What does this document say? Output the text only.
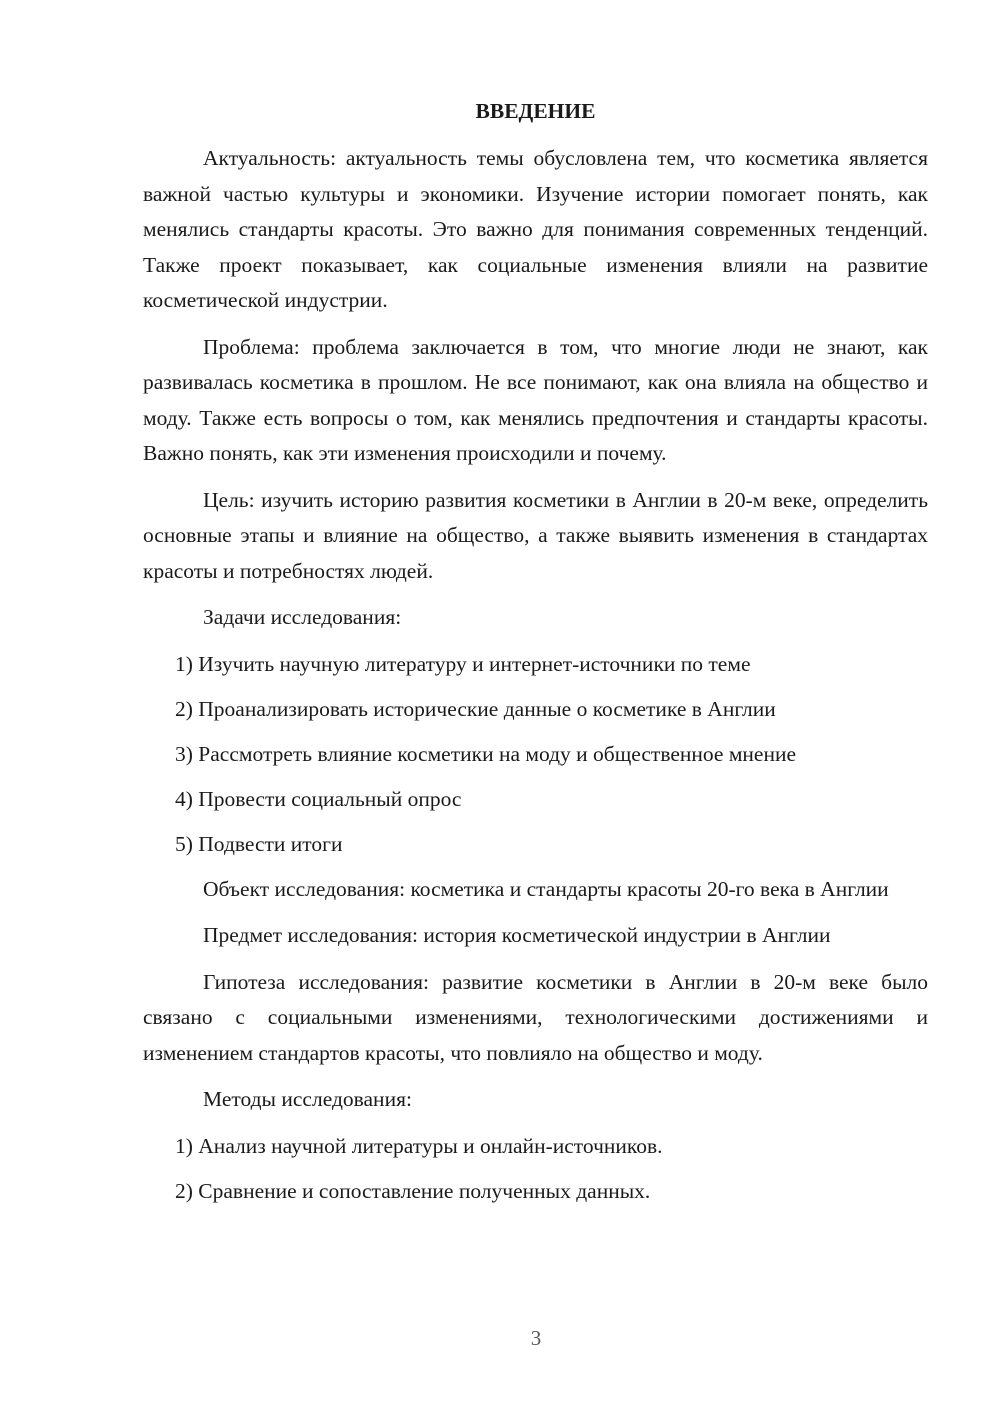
ВВЕДЕНИЕ

Актуальность: актуальность темы обусловлена тем, что косметика является важной частью культуры и экономики. Изучение истории помогает понять, как менялись стандарты красоты. Это важно для понимания современных тенденций. Также проект показывает, как социальные изменения влияли на развитие косметической индустрии.

Проблема: проблема заключается в том, что многие люди не знают, как развивалась косметика в прошлом. Не все понимают, как она влияла на общество и моду. Также есть вопросы о том, как менялись предпочтения и стандарты красоты. Важно понять, как эти изменения происходили и почему.

Цель: изучить историю развития косметики в Англии в 20-м веке, определить основные этапы и влияние на общество, а также выявить изменения в стандартах красоты и потребностях людей.

Задачи исследования:

1) Изучить научную литературу и интернет-источники по теме
2) Проанализировать исторические данные о косметике в Англии
3) Рассмотреть влияние косметики на моду и общественное мнение
4) Провести социальный опрос
5) Подвести итоги

Объект исследования: косметика и стандарты красоты 20-го века в Англии

Предмет исследования: история косметической индустрии в Англии

Гипотеза исследования: развитие косметики в Англии в 20-м веке было связано с социальными изменениями, технологическими достижениями и изменением стандартов красоты, что повлияло на общество и моду.

Методы исследования:

1) Анализ научной литературы и онлайн-источников.
2) Сравнение и сопоставление полученных данных.
3
